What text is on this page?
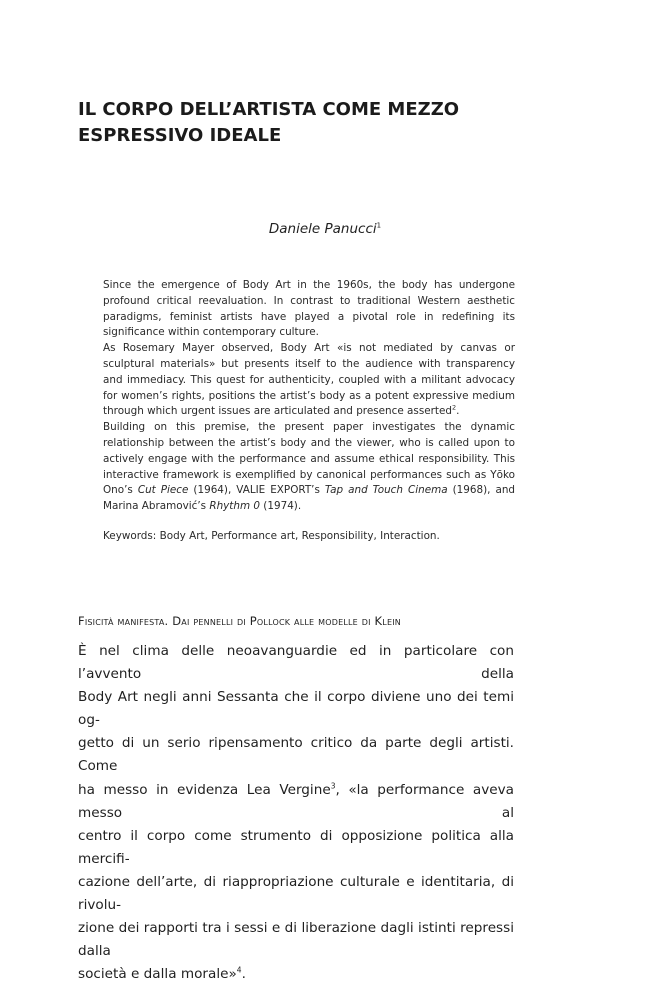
IL CORPO DELL’ARTISTA COME MEZZO
ESPRESSIVO IDEALE
Daniele Panucci$^1$

Since the emergence of Body Art in the 1960s, the body has undergone profound critical reevaluation. In contrast to traditional Western aesthetic paradigms, feminist artists have played a pivotal role in redefining its significance within contemporary culture.

As Rosemary Mayer observed, Body Art «is not mediated by canvas or sculptural materials» but presents itself to the audience with transparency and immediacy. This quest for authenticity, coupled with a militant advocacy for women’s rights, positions the artist’s body as a potent expressive medium through which urgent issues are articulated and presence asserted$^2$.

Building on this premise, the present paper investigates the dynamic relationship between the artist’s body and the viewer, who is called upon to actively engage with the performance and assume ethical responsibility. This interactive framework is exemplified by canonical performances such as Yōko Ono’s Cut Piece (1964), VALIE EXPORT’s Tap and Touch Cinema (1968), and Marina Abramović’s Rhythm 0 (1974).

Keywords: Body Art, Performance art, Responsibility, Interaction.

Fisicità manifesta. Dai pennelli di Pollock alle modelle di Klein
È nel clima delle neoavanguardie ed in particolare con l’avvento della
Body Art negli anni Sessanta che il corpo diviene uno dei temi og-
getto di un serio ripensamento critico da parte degli artisti. Come
ha messo in evidenza Lea Vergine$^3$, «la performance aveva messo al
centro il corpo come strumento di opposizione politica alla mercifi-
cazione dell’arte, di riappropriazione culturale e identitaria, di rivolu-
zione dei rapporti tra i sessi e di liberazione dagli istinti repressi dalla
società e dalla morale»$^4$.
